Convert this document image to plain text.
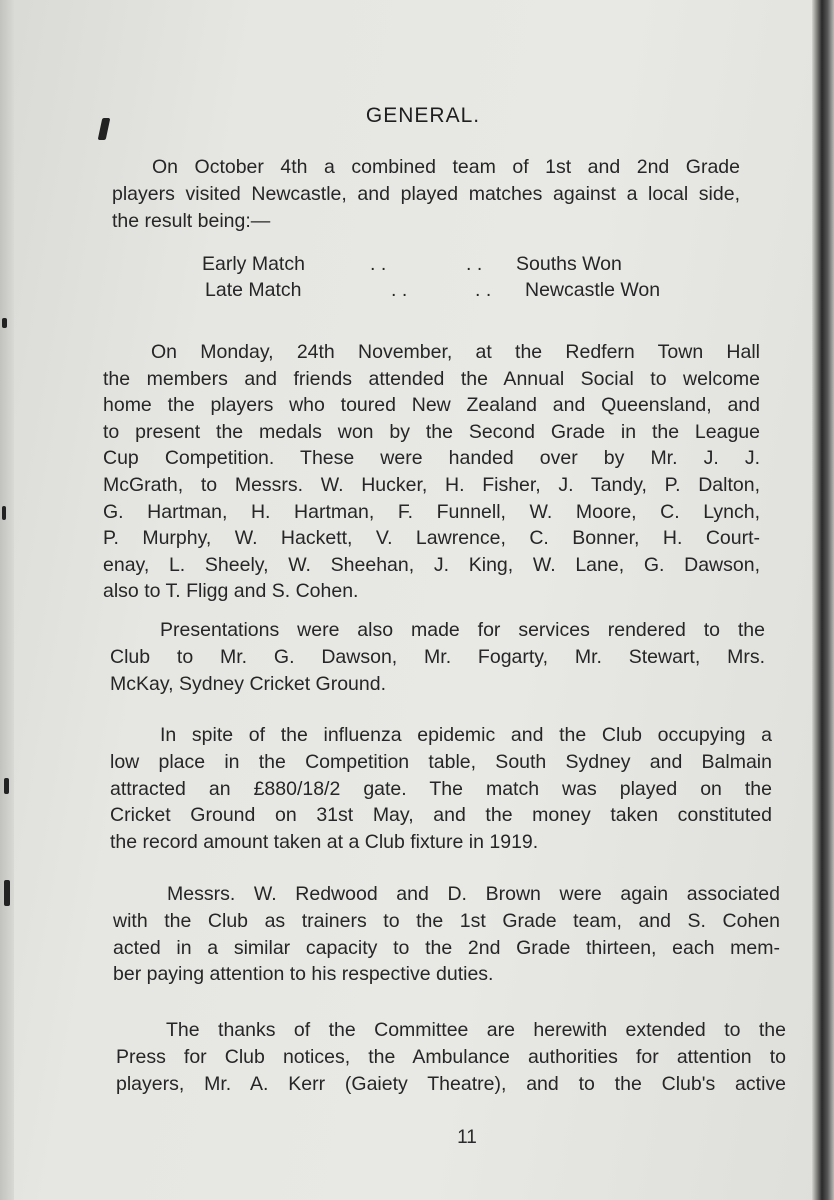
GENERAL.
On October 4th a combined team of 1st and 2nd Grade
players visited Newcastle, and played matches against a local side,
the result being:—
Early Match	. .	. . Souths Won
Late Match	. .	. . Newcastle Won
On Monday, 24th November, at the Redfern Town Hall
the members and friends attended the Annual Social to welcome
home the players who toured New Zealand and Queensland, and
to present the medals won by the Second Grade in the League
Cup Competition. These were handed over by Mr. J. J.
McGrath, to Messrs. W. Hucker, H. Fisher, J. Tandy, P. Dalton,
G. Hartman, H. Hartman, F. Funnell, W. Moore, C. Lynch,
P. Murphy, W. Hackett, V. Lawrence, C. Bonner, H. Court-
enay, L. Sheely, W. Sheehan, J. King, W. Lane, G. Dawson,
also to T. Fligg and S. Cohen.
Presentations were also made for services rendered to the
Club to Mr. G. Dawson, Mr. Fogarty, Mr. Stewart, Mrs.
McKay, Sydney Cricket Ground.
In spite of the influenza epidemic and the Club occupying a
low place in the Competition table, South Sydney and Balmain
attracted an £880/18/2 gate. The match was played on the
Cricket Ground on 31st May, and the money taken constituted
the record amount taken at a Club fixture in 1919.
Messrs. W. Redwood and D. Brown were again associated
with the Club as trainers to the 1st Grade team, and S. Cohen
acted in a similar capacity to the 2nd Grade thirteen, each mem-
ber paying attention to his respective duties.
The thanks of the Committee are herewith extended to the
Press for Club notices, the Ambulance authorities for attention to
players, Mr. A. Kerr (Gaiety Theatre), and to the Club's active
11
